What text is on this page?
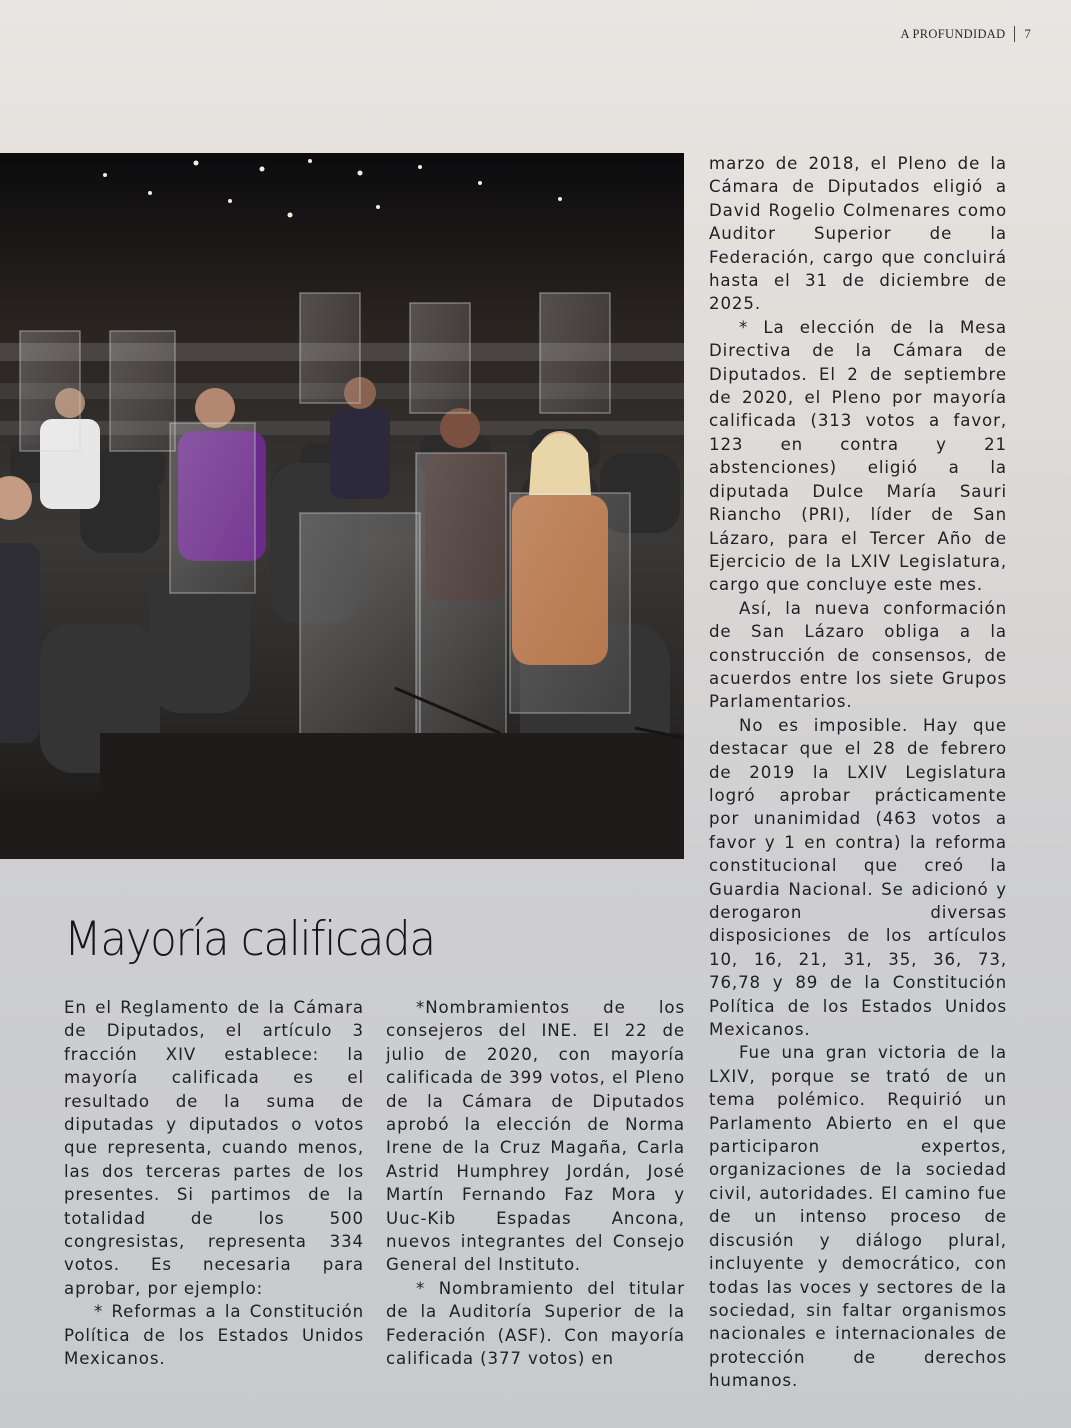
A PROFUNDIDAD 7
Mayoría calificada

En el Reglamento de la Cámara de Diputados, el artículo 3 fracción XIV establece: la mayoría calificada es el resultado de la suma de diputadas y diputados o votos que representa, cuando menos, las dos terceras partes de los presentes. Si partimos de la totalidad de los 500 congresistas, representa 334 votos. Es necesaria para aprobar, por ejemplo:

* Reformas a la Constitución Política de los Estados Unidos Mexicanos.

*Nombramientos de los consejeros del INE. El 22 de julio de 2020, con mayoría calificada de 399 votos, el Pleno de la Cámara de Diputados aprobó la elección de Norma Irene de la Cruz Magaña, Carla Astrid Humphrey Jordán, José Martín Fernando Faz Mora y Uuc-Kib Espadas Ancona, nuevos integrantes del Consejo General del Instituto.

* Nombramiento del titular de la Auditoría Superior de la Federación (ASF). Con mayoría calificada (377 votos) en

marzo de 2018, el Pleno de la Cámara de Diputados eligió a David Rogelio Colmenares como Auditor Superior de la Federación, cargo que concluirá hasta el 31 de diciembre de 2025.

* La elección de la Mesa Directiva de la Cámara de Diputados. El 2 de septiembre de 2020, el Pleno por mayoría calificada (313 votos a favor, 123 en contra y 21 abstenciones) eligió a la diputada Dulce María Sauri Riancho (PRI), líder de San Lázaro, para el Tercer Año de Ejercicio de la LXIV Legislatura, cargo que concluye este mes.

Así, la nueva conformación de San Lázaro obliga a la construcción de consensos, de acuerdos entre los siete Grupos Parlamentarios.

No es imposible. Hay que destacar que el 28 de febrero de 2019 la LXIV Legislatura logró aprobar prácticamente por unanimidad (463 votos a favor y 1 en contra) la reforma constitucional que creó la Guardia Nacional. Se adicionó y derogaron diversas disposiciones de los artículos 10, 16, 21, 31, 35, 36, 73, 76,78 y 89 de la Constitución Política de los Estados Unidos Mexicanos.

Fue una gran victoria de la LXIV, porque se trató de un tema polémico. Requirió un Parlamento Abierto en el que participaron expertos, organizaciones de la sociedad civil, autoridades. El camino fue de un intenso proceso de discusión y diálogo plural, incluyente y democrático, con todas las voces y sectores de la sociedad, sin faltar organismos nacionales e internacionales de protección de derechos humanos.
